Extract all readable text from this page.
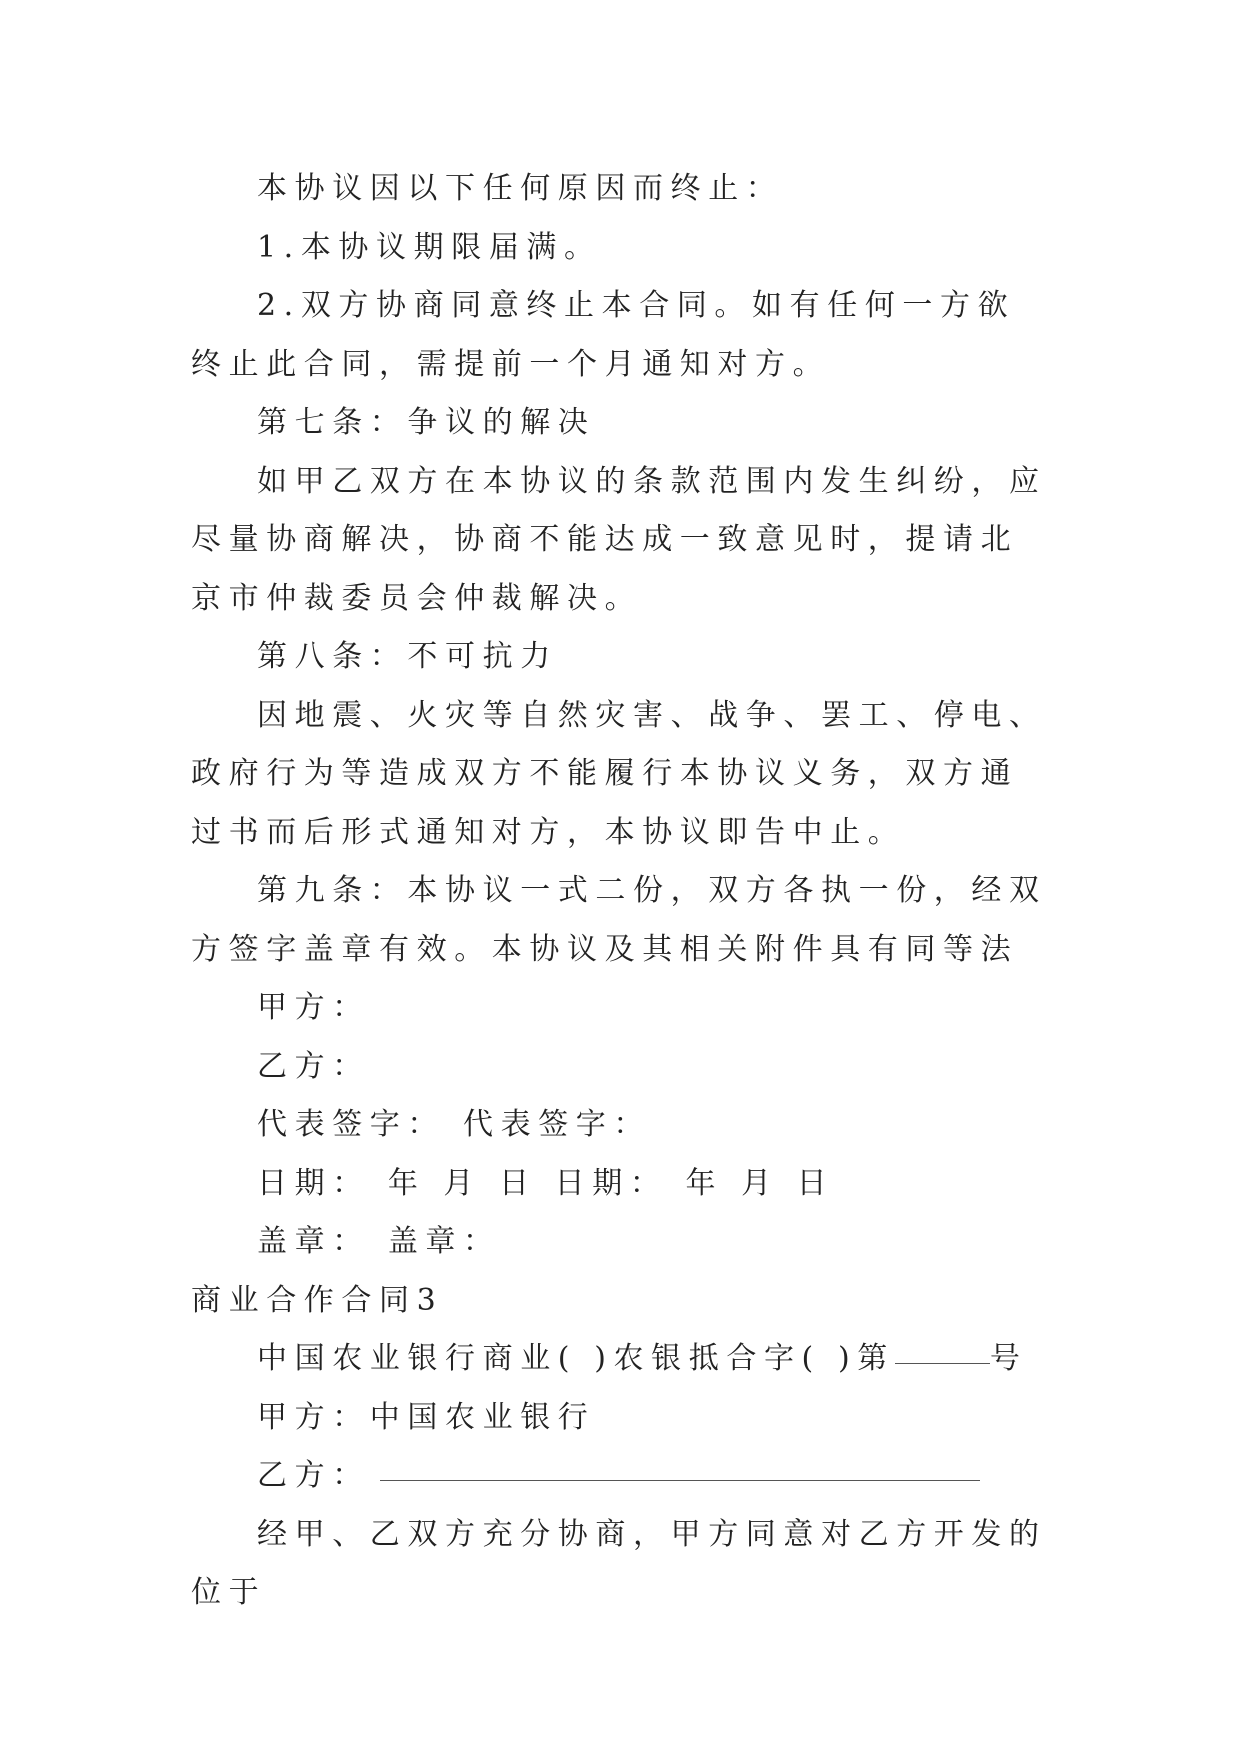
本协议因以下任何原因而终止：

1.本协议期限届满。

2.双方协商同意终止本合同。如有任何一方欲终止此合同，需提前一个月通知对方。

第七条：争议的解决

如甲乙双方在本协议的条款范围内发生纠纷，应尽量协商解决，协商不能达成一致意见时，提请北京市仲裁委员会仲裁解决。

第八条：不可抗力

因地震、火灾等自然灾害、战争、罢工、停电、政府行为等造成双方不能履行本协议义务，双方通过书而后形式通知对方，本协议即告中止。

第九条：本协议一式二份，双方各执一份，经双方签字盖章有效。本协议及其相关附件具有同等法

甲方：

乙方：

代表签字： 代表签字：

日期： 年 月 日 日期： 年 月 日

盖章： 盖章：

商业合作合同3

中国农业银行商业( )农银抵合字( )第	号

甲方：中国农业银行

乙方：

经甲、乙双方充分协商，甲方同意对乙方开发的位于
